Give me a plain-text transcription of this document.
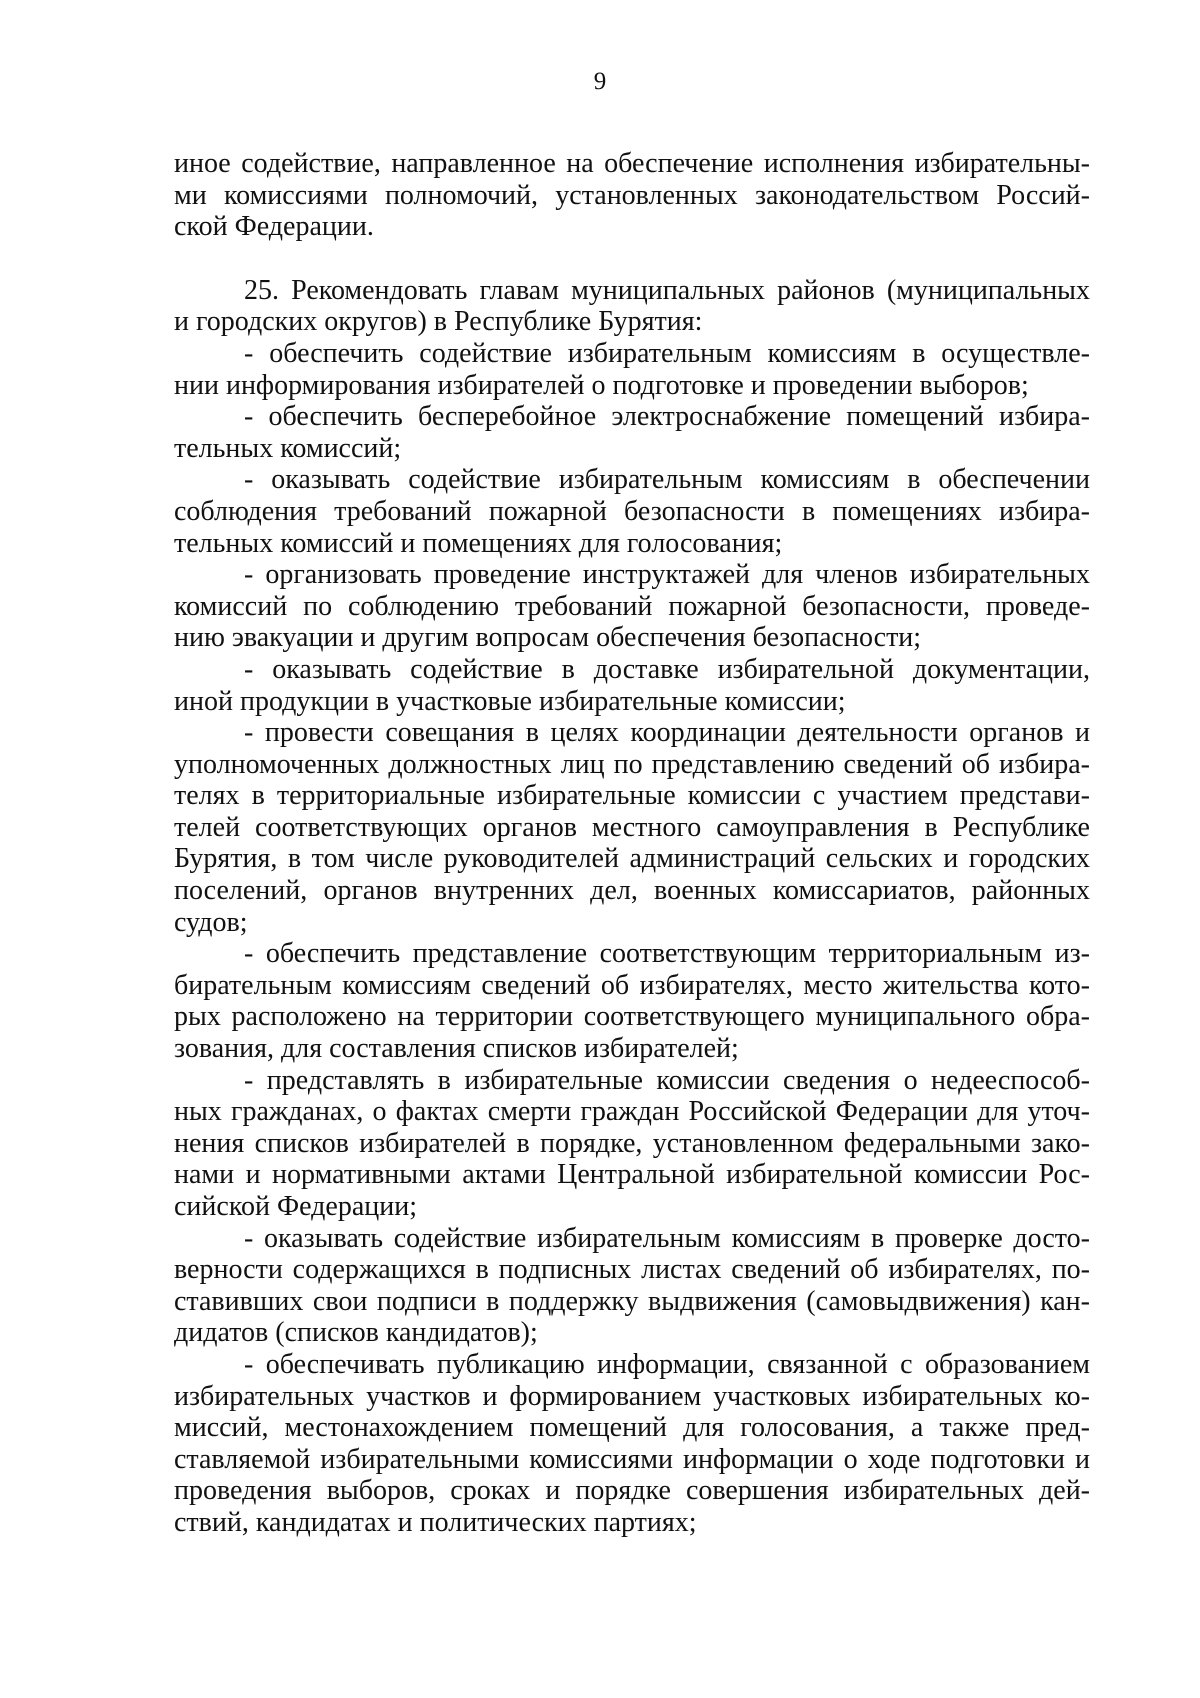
9
иное содействие, направленное на обеспечение исполнения избирательны-
ми комиссиями полномочий, установленных законодательством Россий-
ской Федерации.
25. Рекомендовать главам муниципальных районов (муниципальных
и городских округов) в Республике Бурятия:
- обеспечить содействие избирательным комиссиям в осуществле-
нии информирования избирателей о подготовке и проведении выборов;
- обеспечить бесперебойное электроснабжение помещений избира-
тельных комиссий;
- оказывать содействие избирательным комиссиям в обеспечении
соблюдения требований пожарной безопасности в помещениях избира-
тельных комиссий и помещениях для голосования;
- организовать проведение инструктажей для членов избирательных
комиссий по соблюдению требований пожарной безопасности, проведе-
нию эвакуации и другим вопросам обеспечения безопасности;
- оказывать содействие в доставке избирательной документации,
иной продукции в участковые избирательные комиссии;
- провести совещания в целях координации деятельности органов и
уполномоченных должностных лиц по представлению сведений об избира-
телях в территориальные избирательные комиссии с участием представи-
телей соответствующих органов местного самоуправления в Республике
Бурятия, в том числе руководителей администраций сельских и городских
поселений, органов внутренних дел, военных комиссариатов, районных
судов;
- обеспечить представление соответствующим территориальным из-
бирательным комиссиям сведений об избирателях, место жительства кото-
рых расположено на территории соответствующего муниципального обра-
зования, для составления списков избирателей;
- представлять в избирательные комиссии сведения о недееспособ-
ных гражданах, о фактах смерти граждан Российской Федерации для уточ-
нения списков избирателей в порядке, установленном федеральными зако-
нами и нормативными актами Центральной избирательной комиссии Рос-
сийской Федерации;
- оказывать содействие избирательным комиссиям в проверке досто-
верности содержащихся в подписных листах сведений об избирателях, по-
ставивших свои подписи в поддержку выдвижения (самовыдвижения) кан-
дидатов (списков кандидатов);
- обеспечивать публикацию информации, связанной с образованием
избирательных участков и формированием участковых избирательных ко-
миссий, местонахождением помещений для голосования, а также пред-
ставляемой избирательными комиссиями информации о ходе подготовки и
проведения выборов, сроках и порядке совершения избирательных дей-
ствий, кандидатах и политических партиях;
